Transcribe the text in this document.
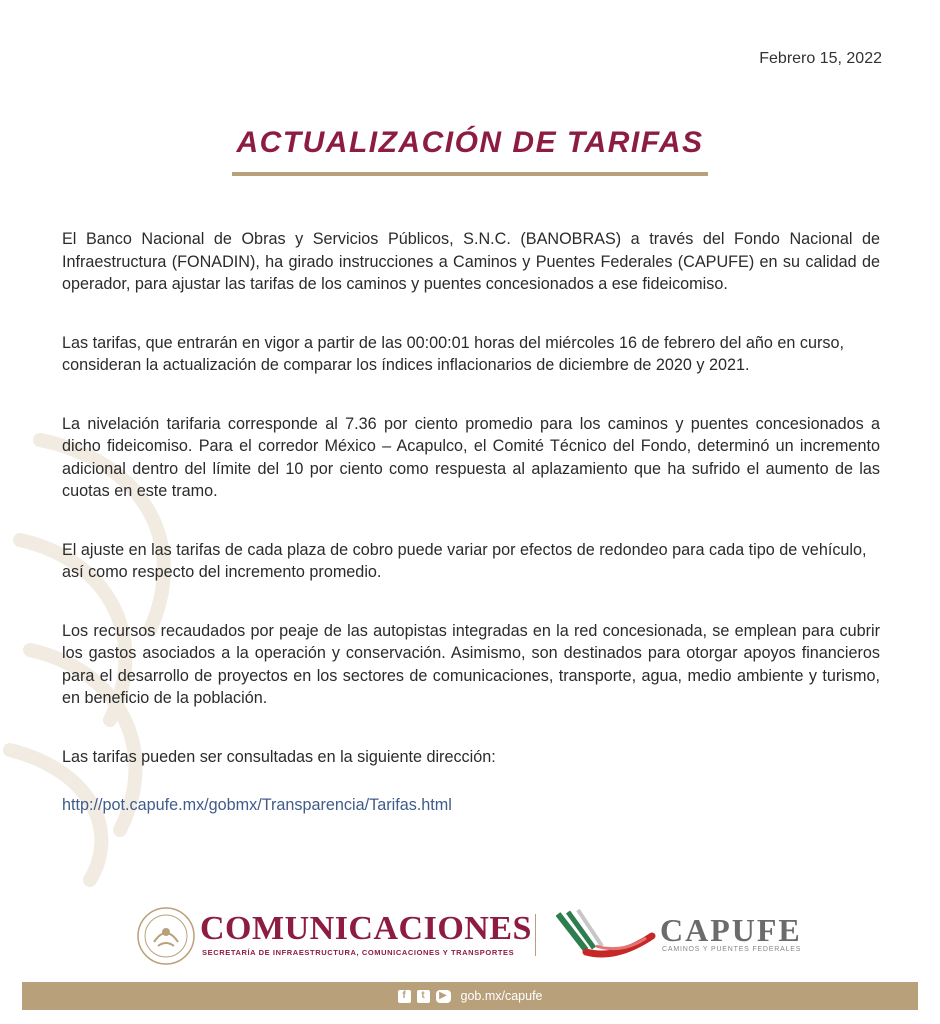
Febrero 15, 2022
ACTUALIZACIÓN DE TARIFAS

El Banco Nacional de Obras y Servicios Públicos, S.N.C. (BANOBRAS) a través del Fondo Nacional de Infraestructura (FONADIN), ha girado instrucciones a Caminos y Puentes Federales (CAPUFE) en su calidad de operador, para ajustar las tarifas de los caminos y puentes concesionados a ese fideicomiso.

Las tarifas, que entrarán en vigor a partir de las 00:00:01 horas del miércoles 16 de febrero del año en curso, consideran la actualización de comparar los índices inflacionarios de diciembre de 2020 y 2021.

La nivelación tarifaria corresponde al 7.36 por ciento promedio para los caminos y puentes concesionados a dicho fideicomiso. Para el corredor México – Acapulco, el Comité Técnico del Fondo, determinó un incremento adicional dentro del límite del 10 por ciento como respuesta al aplazamiento que ha sufrido el aumento de las cuotas en este tramo.

El ajuste en las tarifas de cada plaza de cobro puede variar por efectos de redondeo para cada tipo de vehículo, así como respecto del incremento promedio.

Los recursos recaudados por peaje de las autopistas integradas en la red concesionada, se emplean para cubrir los gastos asociados a la operación y conservación. Asimismo, son destinados para otorgar apoyos financieros para el desarrollo de proyectos en los sectores de comunicaciones, transporte, agua, medio ambiente y turismo, en beneficio de la población.

Las tarifas pueden ser consultadas en la siguiente dirección:

http://pot.capufe.mx/gobmx/Transparencia/Tarifas.html

COMUNICACIONES
SECRETARÍA DE INFRAESTRUCTURA, COMUNICACIONES Y TRANSPORTES
CAPUFE
CAMINOS Y PUENTES FEDERALES
f	t	▶ gob.mx/capufe
